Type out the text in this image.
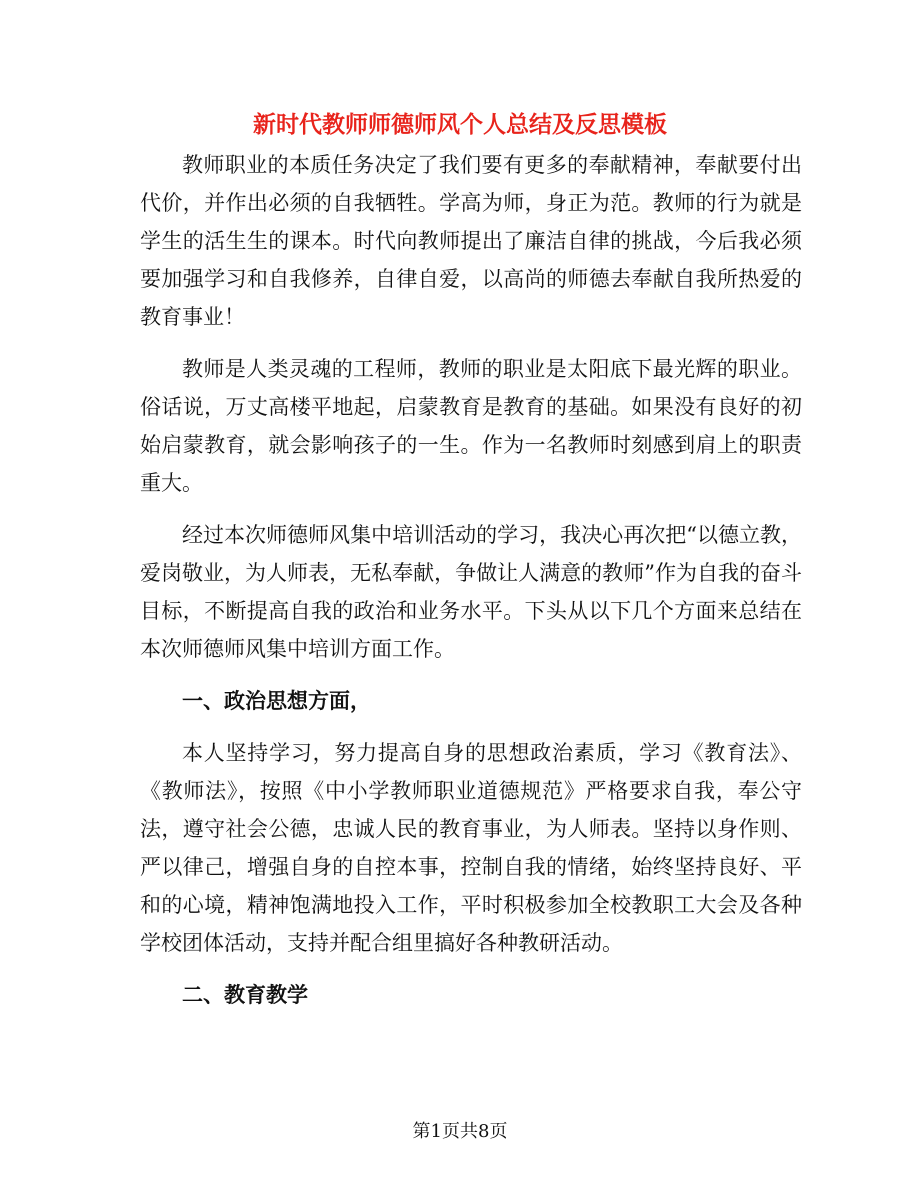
新时代教师师德师风个人总结及反思模板

教师职业的本质任务决定了我们要有更多的奉献精神，奉献要付出代价，并作出必须的自我牺牲。学高为师，身正为范。教师的行为就是学生的活生生的课本。时代向教师提出了廉洁自律的挑战，今后我必须要加强学习和自我修养，自律自爱，以高尚的师德去奉献自我所热爱的教育事业！

教师是人类灵魂的工程师，教师的职业是太阳底下最光辉的职业。俗话说，万丈高楼平地起，启蒙教育是教育的基础。如果没有良好的初始启蒙教育，就会影响孩子的一生。作为一名教师时刻感到肩上的职责重大。

经过本次师德师风集中培训活动的学习，我决心再次把“以德立教，爱岗敬业，为人师表，无私奉献，争做让人满意的教师”作为自我的奋斗目标，不断提高自我的政治和业务水平。下头从以下几个方面来总结在本次师德师风集中培训方面工作。

一、政治思想方面，

本人坚持学习，努力提高自身的思想政治素质，学习《教育法》、《教师法》，按照《中小学教师职业道德规范》严格要求自我，奉公守法，遵守社会公德，忠诚人民的教育事业，为人师表。坚持以身作则、严以律己，增强自身的自控本事，控制自我的情绪，始终坚持良好、平和的心境，精神饱满地投入工作，平时积极参加全校教职工大会及各种学校团体活动，支持并配合组里搞好各种教研活动。

二、教育教学

第1页共8页
